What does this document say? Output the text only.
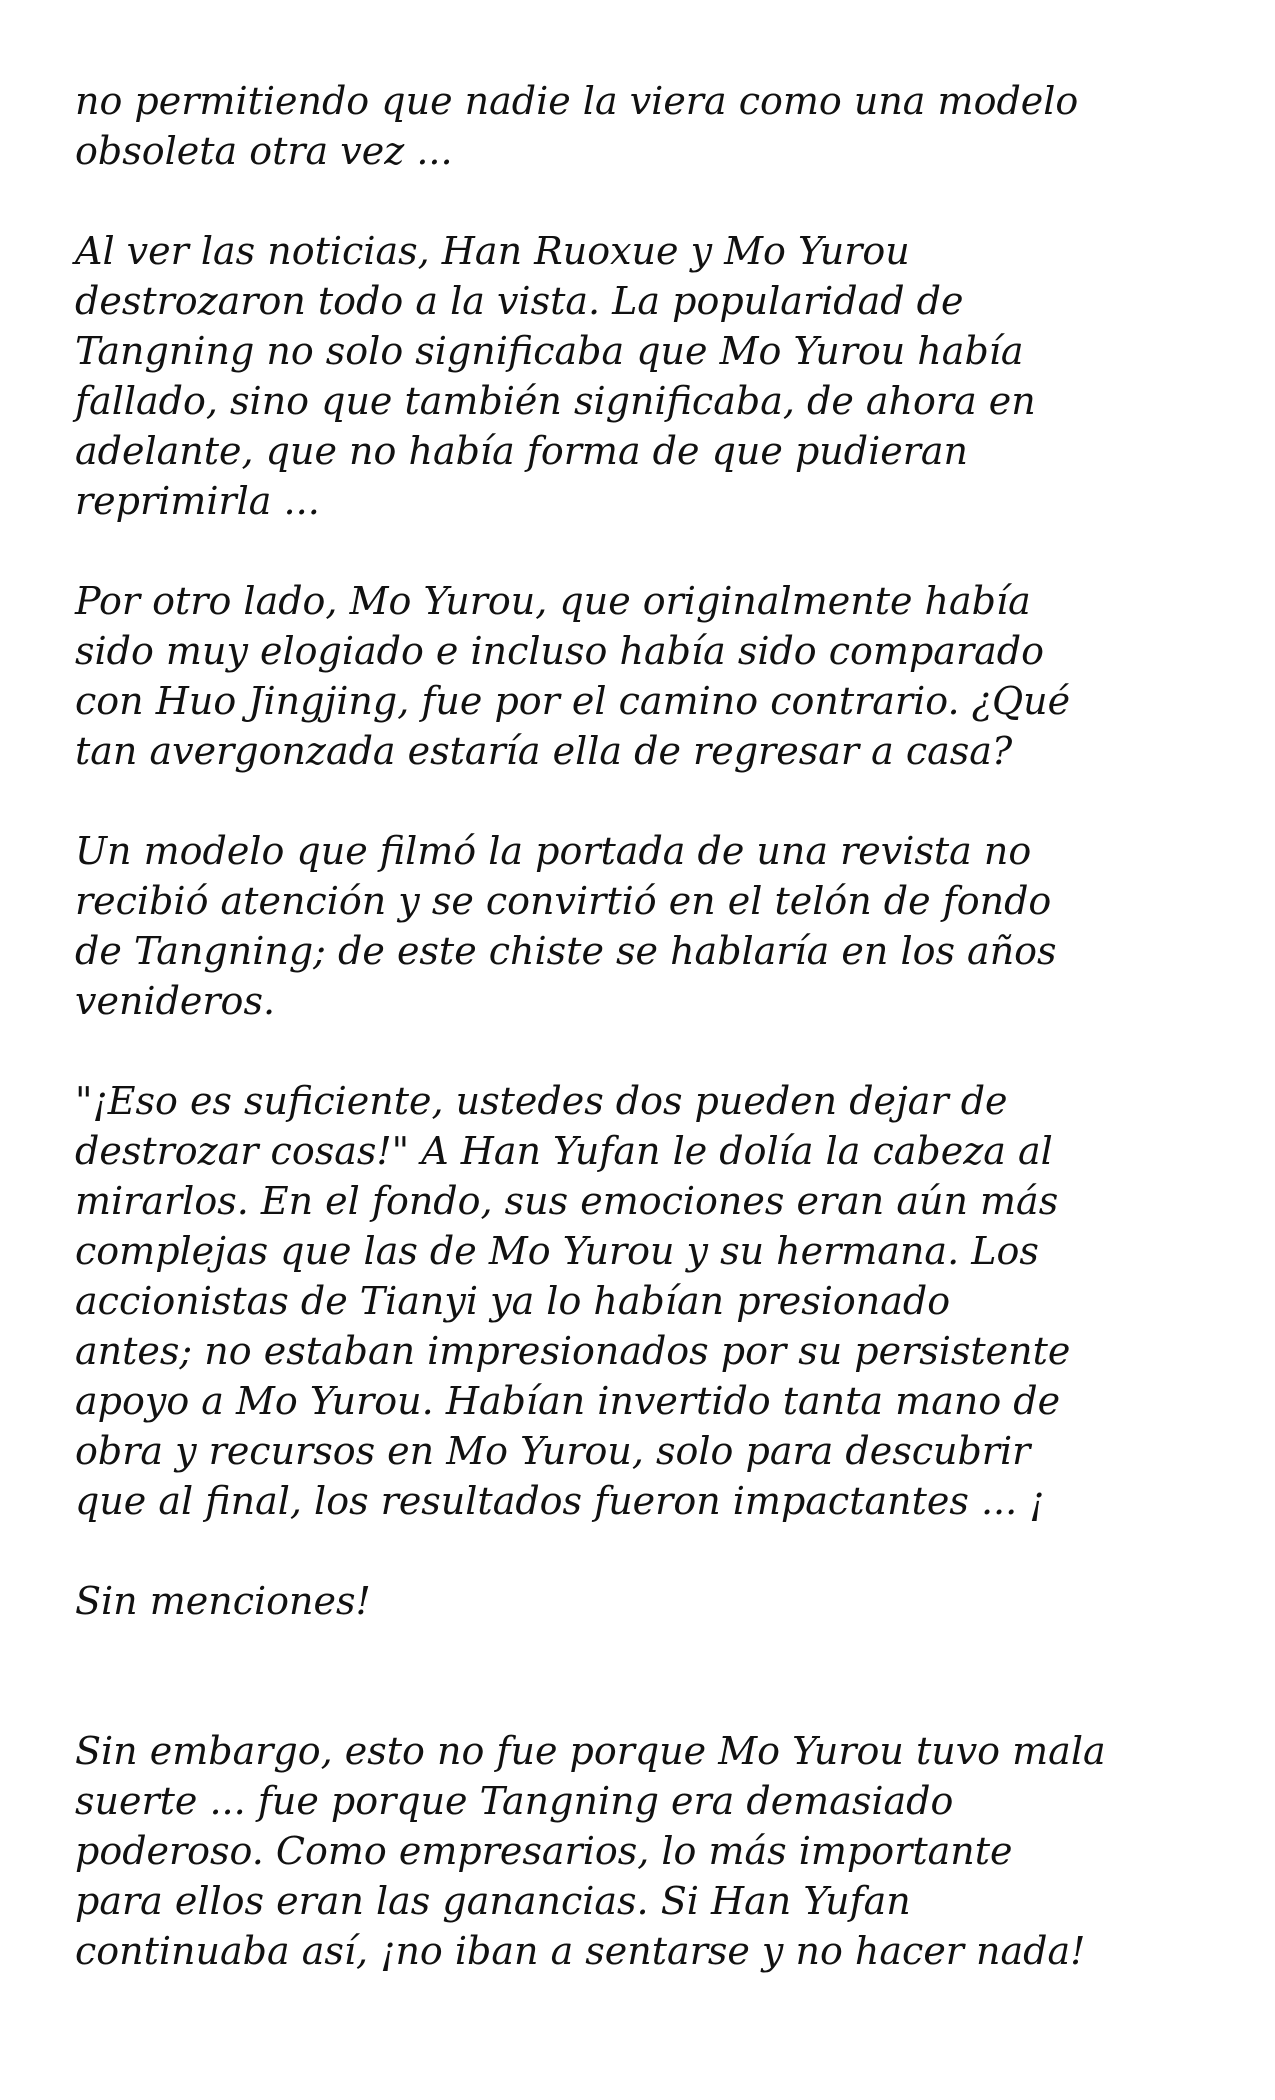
no permitiendo que nadie la viera como una modelo
obsoleta otra vez ...

Al ver las noticias, Han Ruoxue y Mo Yurou
destrozaron todo a la vista. La popularidad de
Tangning no solo significaba que Mo Yurou había
fallado, sino que también significaba, de ahora en
adelante, que no había forma de que pudieran
reprimirla ...

Por otro lado, Mo Yurou, que originalmente había
sido muy elogiado e incluso había sido comparado
con Huo Jingjing, fue por el camino contrario. ¿Qué
tan avergonzada estaría ella de regresar a casa?

Un modelo que filmó la portada de una revista no
recibió atención y se convirtió en el telón de fondo
de Tangning; de este chiste se hablaría en los años
venideros.

"¡Eso es suficiente, ustedes dos pueden dejar de
destrozar cosas!" A Han Yufan le dolía la cabeza al
mirarlos. En el fondo, sus emociones eran aún más
complejas que las de Mo Yurou y su hermana. Los
accionistas de Tianyi ya lo habían presionado
antes; no estaban impresionados por su persistente
apoyo a Mo Yurou. Habían invertido tanta mano de
obra y recursos en Mo Yurou, solo para descubrir
que al final, los resultados fueron impactantes ... ¡

Sin menciones!

Sin embargo, esto no fue porque Mo Yurou tuvo mala
suerte ... fue porque Tangning era demasiado
poderoso. Como empresarios, lo más importante
para ellos eran las ganancias. Si Han Yufan
continuaba así, ¡no iban a sentarse y no hacer nada!
